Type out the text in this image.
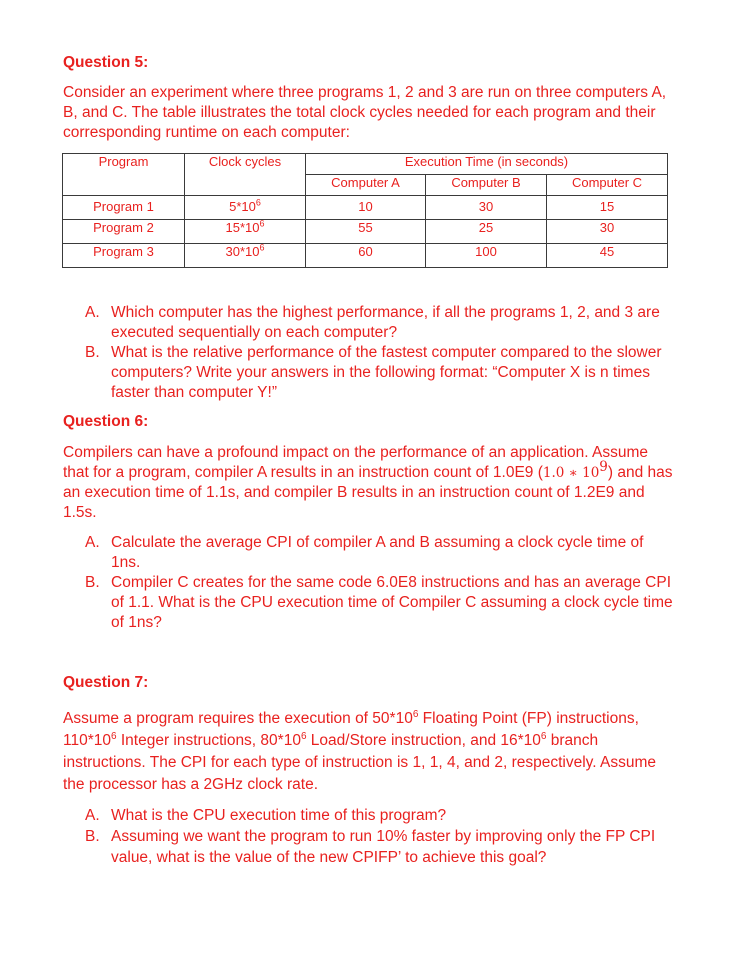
Question 5:
Consider an experiment where three programs 1, 2 and 3 are run on three computers A, B, and C. The table illustrates the total clock cycles needed for each program and their corresponding runtime on each computer:
Program	Clock cycles	Execution Time (in seconds)		
		Computer A	Computer B	Computer C
Program 1	$5*10^6$	10	30	15
Program 2	$15*10^6$	55	25	30
Program 3	$30*10^6$	60	100	45
A. Which computer has the highest performance, if all the programs 1, 2, and 3 are executed sequentially on each computer?
B. What is the relative performance of the fastest computer compared to the slower computers? Write your answers in the following format: “Computer X is n times faster than computer Y!”
Question 6:
Compilers can have a profound impact on the performance of an application. Assume that for a program, compiler A results in an instruction count of 1.0E9 (1.0 ∗ $10^9$) and has an execution time of 1.1s, and compiler B results in an instruction count of 1.2E9 and 1.5s.
A. Calculate the average CPI of compiler A and B assuming a clock cycle time of 1ns.
B. Compiler C creates for the same code 6.0E8 instructions and has an average CPI of 1.1. What is the CPU execution time of Compiler C assuming a clock cycle time of 1ns?
Question 7:
Assume a program requires the execution of $50*10^6$ Floating Point (FP) instructions, $110*10^6$ Integer instructions, $80*10^6$ Load/Store instruction, and $16*10^6$ branch instructions. The CPI for each type of instruction is 1, 1, 4, and 2, respectively. Assume the processor has a 2GHz clock rate.
A. What is the CPU execution time of this program?
B. Assuming we want the program to run 10% faster by improving only the FP CPI value, what is the value of the new CPIFP’ to achieve this goal?
